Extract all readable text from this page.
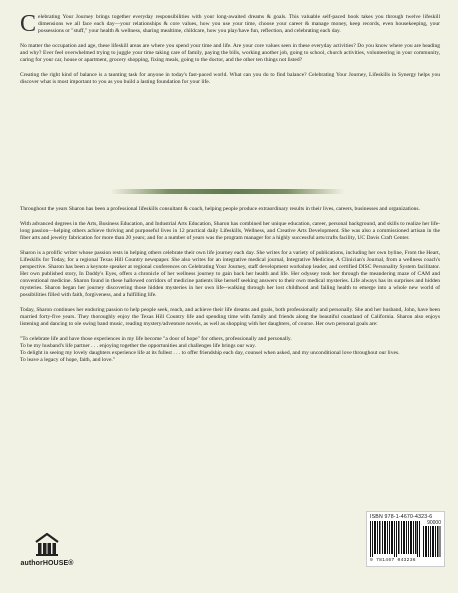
Celebrating Your Journey brings together everyday responsibilities with your long-awaited dreams & goals. This valuable self-paced book takes you through twelve lifeskill dimensions we all face each day—your relationships & core values, how you use your time, choose your career & manage money, keep records, even housekeeping, your possessions or "stuff," your health & wellness, sharing mealtime, childcare, how you play/have fun, reflection, and celebrating each day.

No matter the occupation and age, these lifeskill areas are where you spend your time and life. Are your core values seen in these everyday activities? Do you know where you are heading and why? Ever feel overwhelmed trying to juggle your time taking care of family, paying the bills, working another job, going to school, church activities, volunteering in your community, caring for your car, house or apartment, grocery shopping, fixing meals, going to the doctor, and the other ten things not listed?

Creating the right kind of balance is a taunting task for anyone in today's fast-paced world. What can you do to find balance? Celebrating Your Journey, Lifeskills in Synergy helps you discover what is most important to you as you build a lasting foundation for your life.

Throughout the years Sharon has been a professional lifeskills consultant & coach, helping people produce extraordinary results in their lives, careers, businesses and organizations.

With advanced degrees in the Arts, Business Education, and Industrial Arts Education, Sharon has combined her unique education, career, personal background, and skills to realize her life-long passion—helping others achieve thriving and purposeful lives in 12 practical daily Lifeskills, Wellness, and Creative Arts Development. She was also a commissioned artisan in the fiber arts and jewelry fabrication for more than 20 years; and for a number of years was the program manager for a highly successful arts/crafts facility, UC Davis Craft Center.

Sharon is a prolific writer whose passion rests in helping others celebrate their own life journey each day. She writes for a variety of publications, including her own byline, From the Heart, Lifeskills for Today, for a regional Texas Hill Country newspaper. She also writes for an integrative medical journal, Integrative Medicine, A Clinician's Journal, from a wellness coach's perspective. Sharon has been a keynote speaker at regional conferences on Celebrating Your Journey, staff development workshop leader, and certified DISC Personality System facilitator. Her own published story, In Daddy's Eyes, offers a chronicle of her wellness journey to gain back her health and life. Her odyssey took her through the meandering maze of CAM and conventional medicine. Sharon found in these hallowed corridors of medicine patients like herself seeking answers to their own medical mysteries. Life always has its surprises and hidden mysteries. Sharon began her journey discovering those hidden mysteries in her own life--walking through her lost childhood and failing health to emerge into a whole new world of possibilities filled with faith, forgiveness, and a fulfilling life.

Today, Sharon continues her enduring passion to help people seek, reach, and achieve their life dreams and goals, both professionally and personally. She and her husband, John, have been married forty-five years. They thoroughly enjoy the Texas Hill Country life and spending time with family and friends along the beautiful coastland of California. Sharon also enjoys listening and dancing to ole swing band music, reading mystery/adventure novels, as well as shopping with her daughters, of course. Her own personal goals are:

"To celebrate life and have those experiences in my life become "a door of hope" for others, professionally and personally.
To be my husband's life partner . . . enjoying together the opportunities and challenges life brings our way.
To delight in seeing my lovely daughters experience life at its fullest . . . to offer friendship each day, counsel when asked, and my unconditional love throughout our lives.
To leave a legacy of hope, faith, and love."
authorHOUSE®
ISBN 978-1-4670-4323-6
90000
9 781467 043236
